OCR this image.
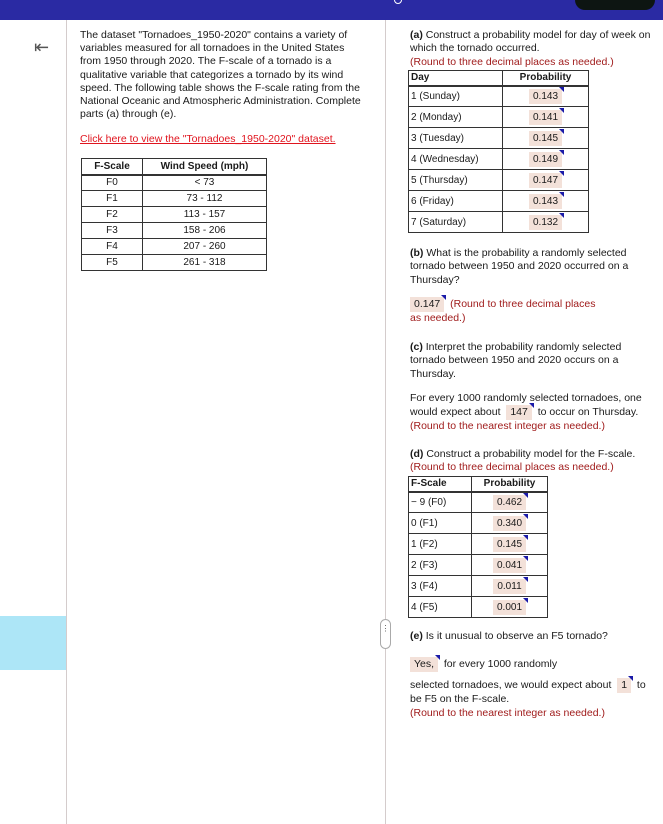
⇤

The dataset "Tornadoes_1950-2020" contains a variety of variables measured for all tornadoes in the United States from 1950 through 2020. The F-scale of a tornado is a qualitative variable that categorizes a tornado by its wind speed. The following table shows the F-scale rating from the National Oceanic and Atmospheric Administration. Complete parts (a) through (e).

Click here to view the "Tornadoes_1950-2020" dataset.
F-Scale	Wind Speed (mph)
F0	< 73
F1	73 - 112
F2	113 - 157
F3	158 - 206
F4	207 - 260
F5	261 - 318
⋮

(a) Construct a probability model for day of week on which the tornado occurred.

(Round to three decimal places as needed.)

Day	Probability
1 (Sunday)	0.143
2 (Monday)	0.141
3 (Tuesday)	0.145
4 (Wednesday)	0.149
5 (Thursday)	0.147
6 (Friday)	0.143
7 (Saturday)	0.132

(b) What is the probability a randomly selected tornado between 1950 and 2020 occurred on a Thursday?

0.147 (Round to three decimal places

as needed.)

(c) Interpret the probability randomly selected tornado between 1950 and 2020 occurs on a Thursday.

For every 1000 randomly selected tornadoes, one would expect about 147 to occur on Thursday.

(Round to the nearest integer as needed.)

(d) Construct a probability model for the F-scale.

(Round to three decimal places as needed.)

F-Scale	Probability
− 9 (F0)	0.462
0 (F1)	0.340
1 (F2)	0.145
2 (F3)	0.041
3 (F4)	0.011
4 (F5)	0.001

(e) Is it unusual to observe an F5 tornado?

Yes, for every 1000 randomly

selected tornadoes, we would expect about 1 to

be F5 on the F-scale.

(Round to the nearest integer as needed.)
